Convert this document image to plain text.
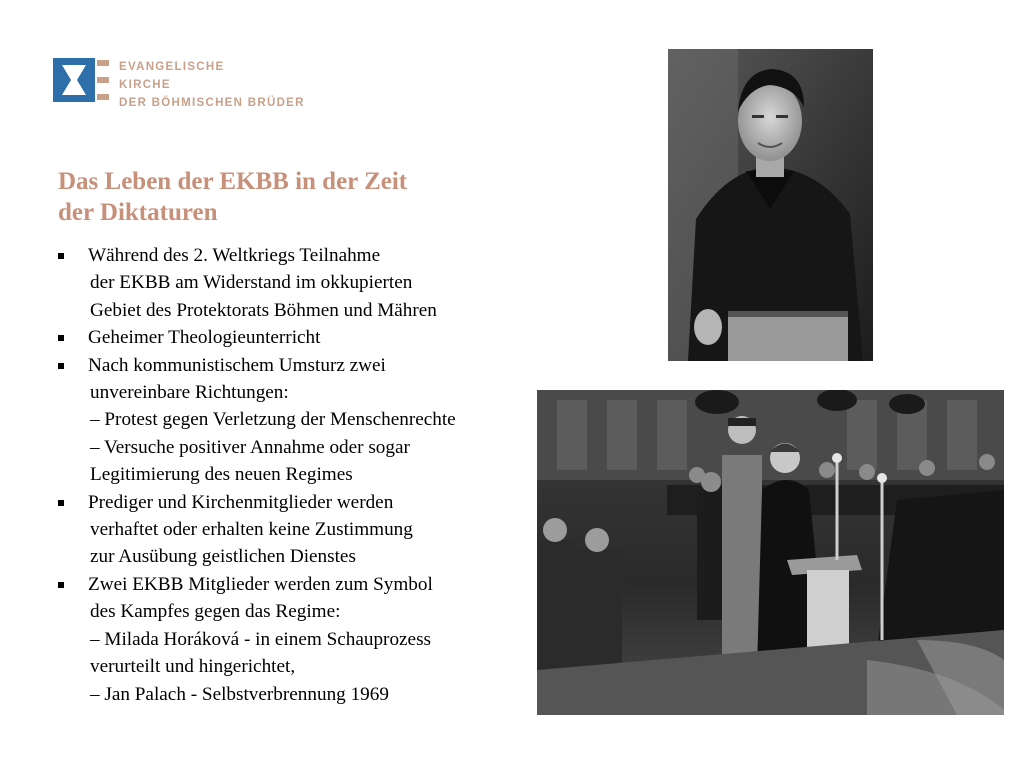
EVANGELISCHE
KIRCHE
DER BÖHMISCHEN BRÜDER
Das Leben der EKBB in der Zeit
der Diktaturen
Während des 2. Weltkriegs Teilnahme
der EKBB am Widerstand im okkupierten
Gebiet des Protektorats Böhmen und Mähren
Geheimer Theologieunterricht
Nach kommunistischem Umsturz zwei
unvereinbare Richtungen:
– Protest gegen Verletzung der Menschenrechte
– Versuche positiver Annahme oder sogar
Legitimierung des neuen Regimes
Prediger und Kirchenmitglieder werden
verhaftet oder erhalten keine Zustimmung
zur Ausübung geistlichen Dienstes
Zwei EKBB Mitglieder werden zum Symbol
des Kampfes gegen das Regime:
– Milada Horáková - in einem Schauprozess
verurteilt und hingerichtet,
– Jan Palach - Selbstverbrennung 1969
